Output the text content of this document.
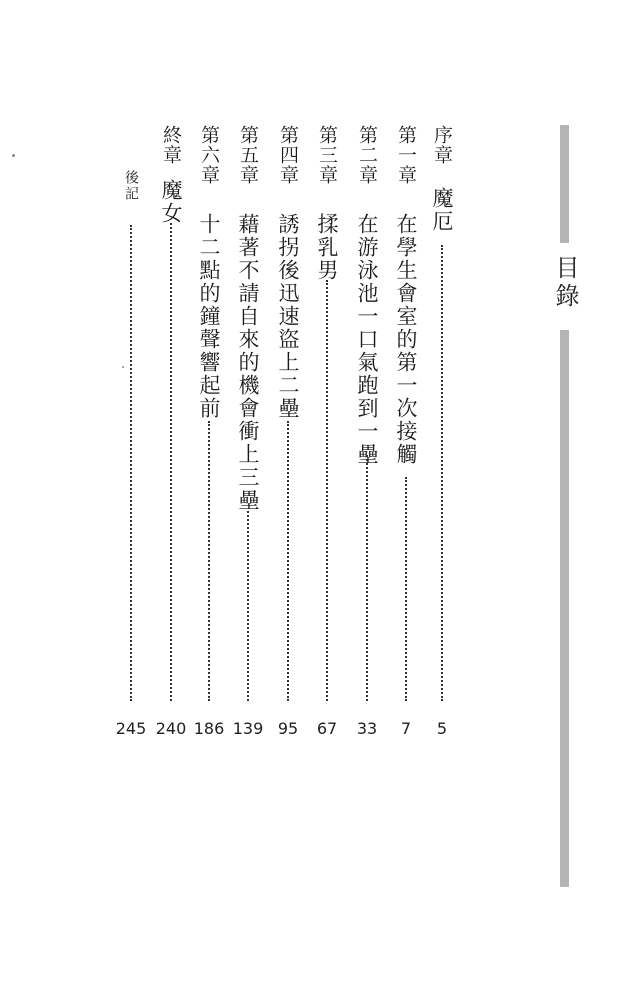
目錄
序章
魔厄
5
第一章
在學生會室的第一次接觸
7
第二章
在游泳池一口氣跑到一壘
33
第三章
揉乳男
67
第四章
誘拐後迅速盜上二壘
95
第五章
藉著不請自來的機會衝上三壘
139
第六章
十二點的鐘聲響起前
186
終章
魔女
240
後記
245
